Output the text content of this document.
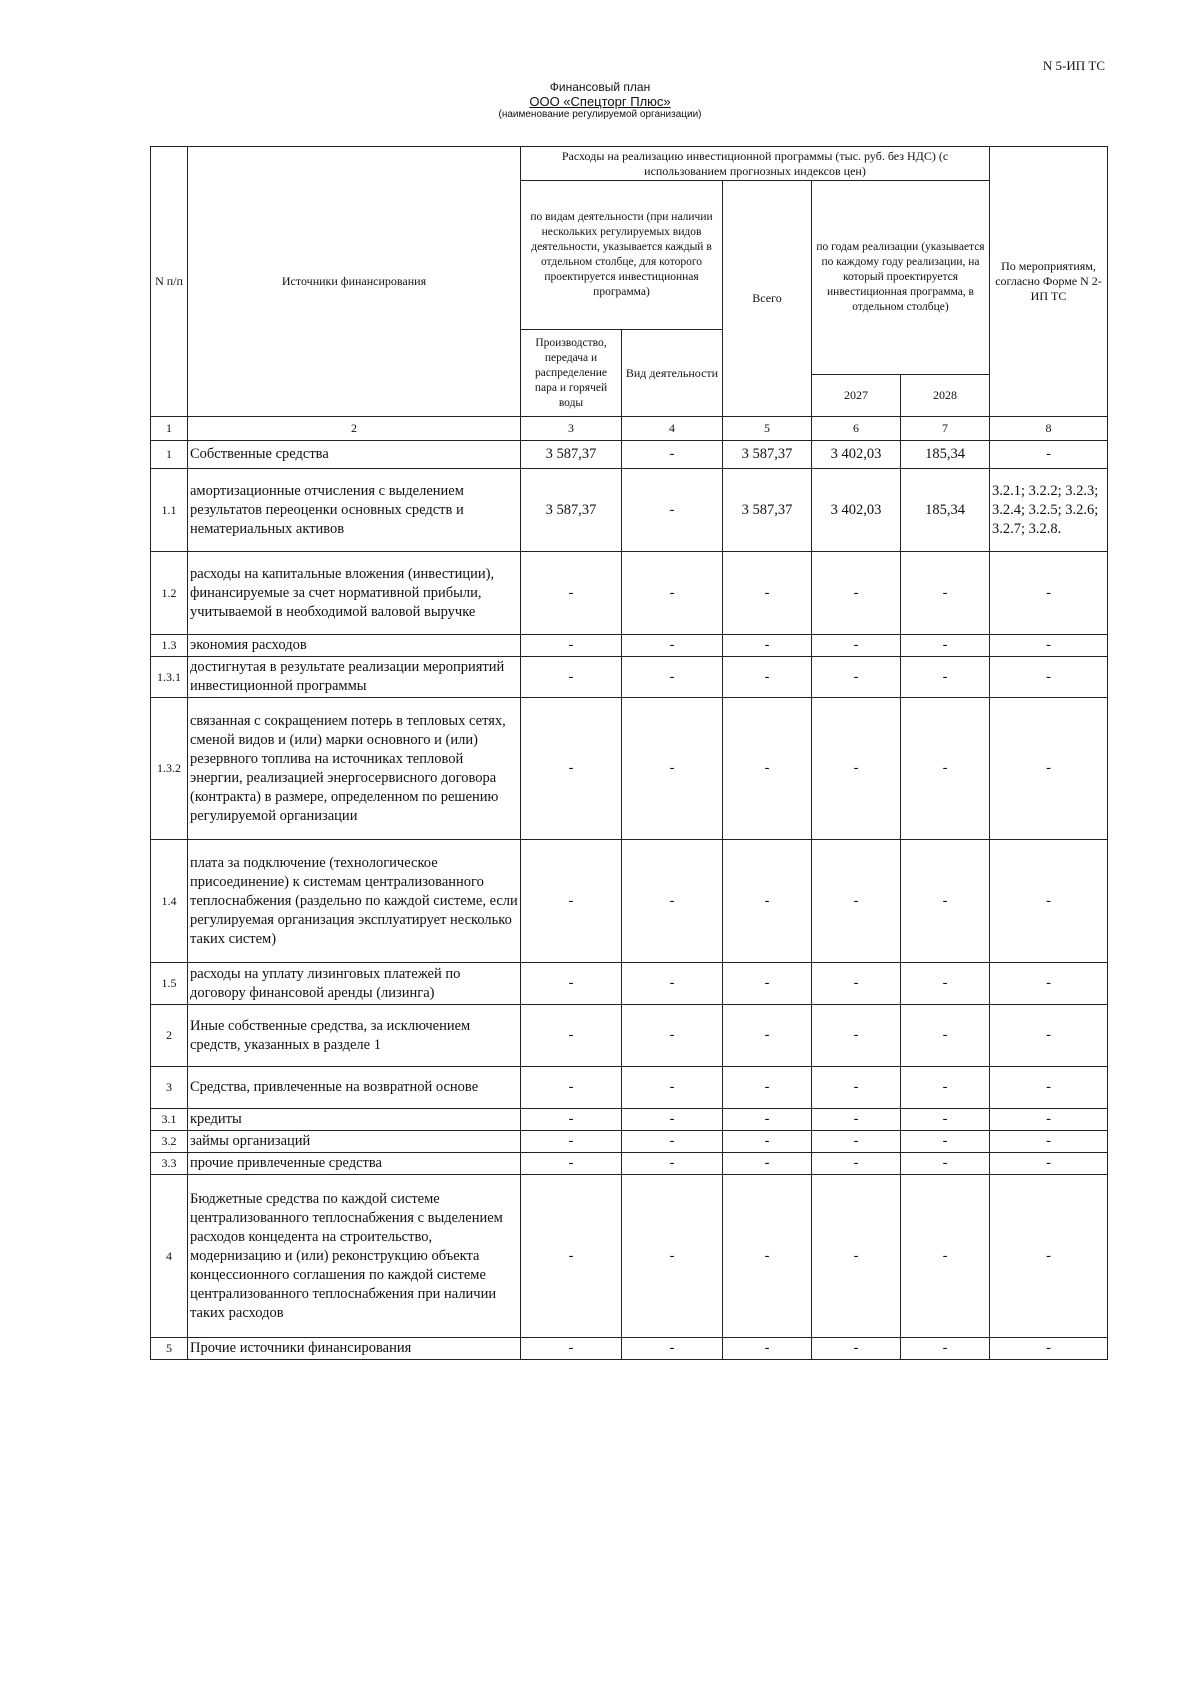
N 5-ИП ТС
Финансовый план
ООО «Спецторг Плюс»
(наименование регулируемой организации)
N п/п	Источники финансирования	Расходы на реализацию инвестиционной программы (тыс. руб. без НДС) (с использованием прогнозных индексов цен)					По мероприятиям, согласно Форме N 2-ИП ТС
		по видам деятельности (при наличии нескольких регулируемых видов деятельности, указывается каждый в отдельном столбце, для которого проектируется инвестиционная программа)		Всего	по годам реализации (указывается по каждому году реализации, на который проектируется инвестиционная программа, в отдельном столбце)		
		Производство, передача и распределение пара и горячей воды	Вид деятельности				
					2027	2028	
1	2	3	4	5	6	7	8
1	Собственные средства	3 587,37	-	3 587,37	3 402,03	185,34	-
1.1	амортизационные отчисления с выделением результатов переоценки основных средств и нематериальных активов	3 587,37	-	3 587,37	3 402,03	185,34	3.2.1; 3.2.2; 3.2.3; 3.2.4; 3.2.5; 3.2.6; 3.2.7; 3.2.8.
1.2	расходы на капитальные вложения (инвестиции), финансируемые за счет нормативной прибыли, учитываемой в необходимой валовой выручке	-	-	-	-	-	-
1.3	экономия расходов	-	-	-	-	-	-
1.3.1	достигнутая в результате реализации мероприятий инвестиционной программы	-	-	-	-	-	-
1.3.2	связанная с сокращением потерь в тепловых сетях, сменой видов и (или) марки основного и (или) резервного топлива на источниках тепловой энергии, реализацией энергосервисного договора (контракта) в размере, определенном по решению регулируемой организации	-	-	-	-	-	-
1.4	плата за подключение (технологическое присоединение) к системам централизованного теплоснабжения (раздельно по каждой системе, если регулируемая организация эксплуатирует несколько таких систем)	-	-	-	-	-	-
1.5	расходы на уплату лизинговых платежей по договору финансовой аренды (лизинга)	-	-	-	-	-	-
2	Иные собственные средства, за исключением средств, указанных в разделе 1	-	-	-	-	-	-
3	Средства, привлеченные на возвратной основе	-	-	-	-	-	-
3.1	кредиты	-	-	-	-	-	-
3.2	займы организаций	-	-	-	-	-	-
3.3	прочие привлеченные средства	-	-	-	-	-	-
4	Бюджетные средства по каждой системе централизованного теплоснабжения с выделением расходов концедента на строительство, модернизацию и (или) реконструкцию объекта концессионного соглашения по каждой системе централизованного теплоснабжения при наличии таких расходов	-	-	-	-	-	-
5	Прочие источники финансирования	-	-	-	-	-	-
